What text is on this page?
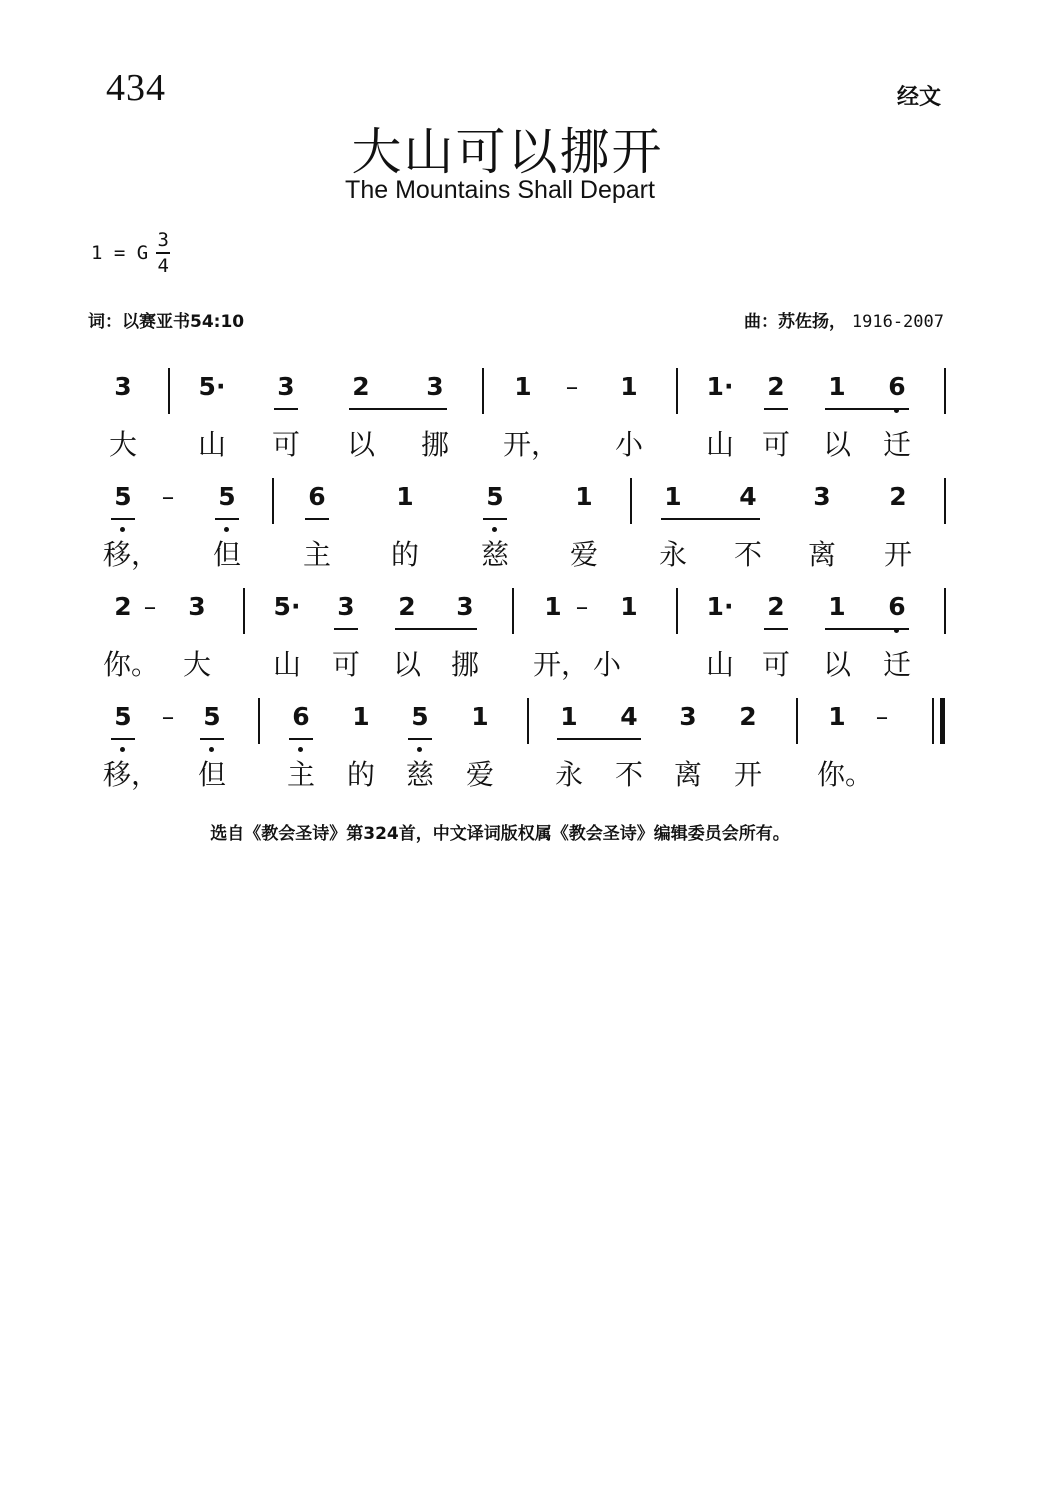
434	经文
大山可以挪开
The Mountains Shall Depart
1 = G
3
4
词：以赛亚书54:10	曲：苏佐扬， 1916-2007
3	5· 3 2 3	1	–	1	1· 2 1 6
大 山 可 以 挪 开， 小 山 可 以 迁
5	–	5	6	1	5	1	1 4 3 2
移， 但 主 的 慈 爱 永 不 离 开
2 –	3	5· 3 2 3	1 –	1	1· 2 1 6
你。 大 山 可 以 挪 开， 小	山 可 以 迁
5	–	5	6 1 5 1	1 4 3 2	1	–
移， 但 主 的 慈 爱 永 不 离 开 你。
选自《教会圣诗》第324首，中文译词版权属《教会圣诗》编辑委员会所有。
